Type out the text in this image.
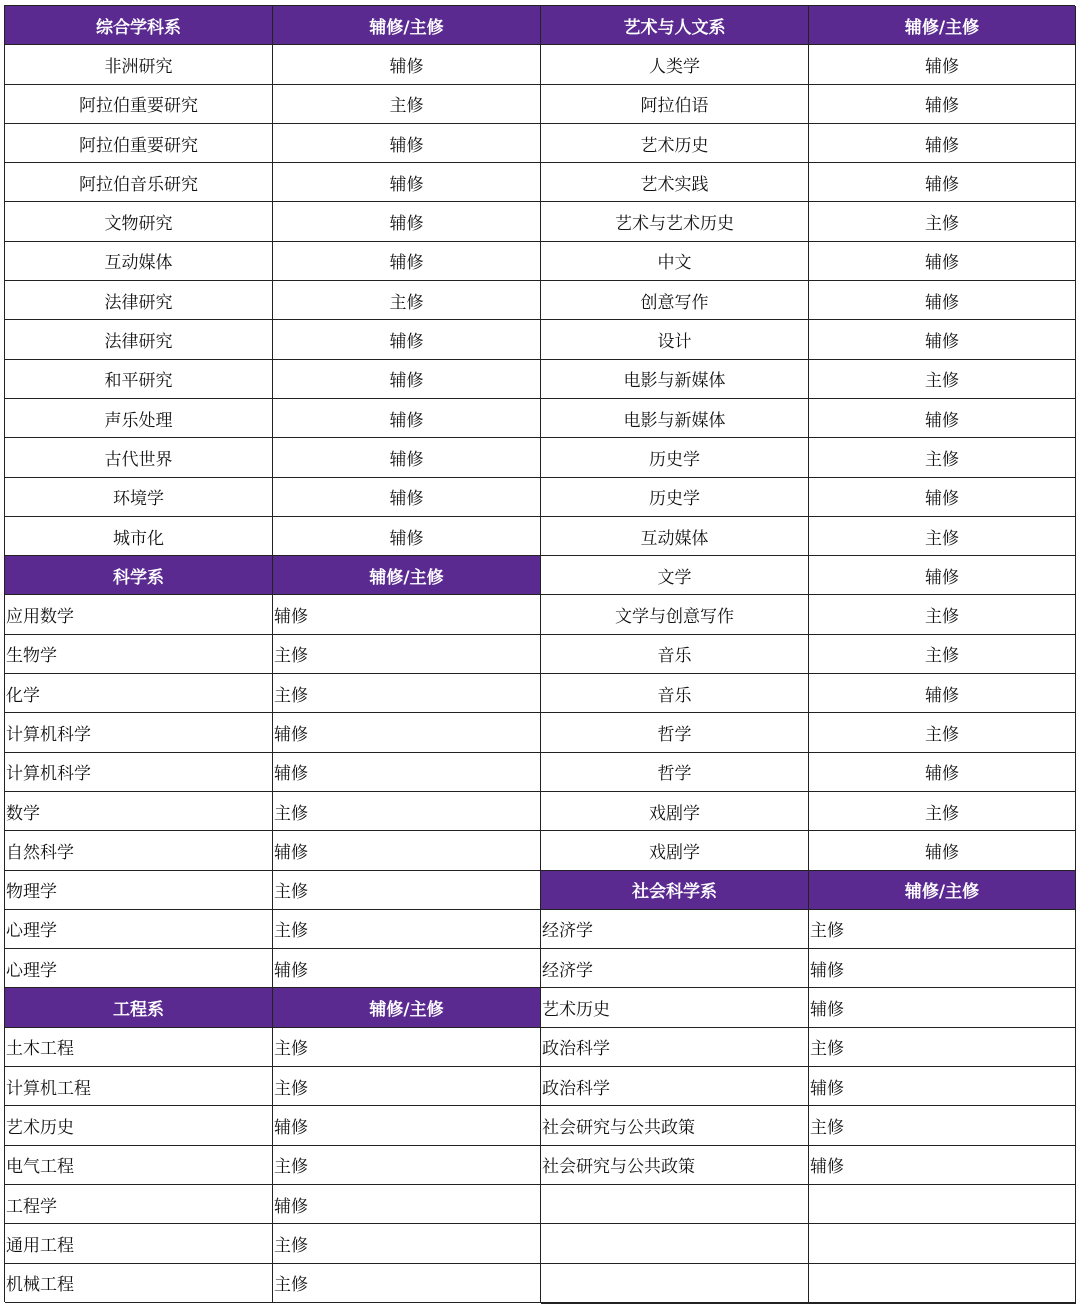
综合学科系	辅修/主修
非洲研究	辅修
阿拉伯重要研究	主修
阿拉伯重要研究	辅修
阿拉伯音乐研究	辅修
文物研究	辅修
互动媒体	辅修
法律研究	主修
法律研究	辅修
和平研究	辅修
声乐处理	辅修
古代世界	辅修
环境学	辅修
城市化	辅修
科学系	辅修/主修
应用数学	辅修
生物学	主修
化学	主修
计算机科学	辅修
计算机科学	辅修
数学	主修
自然科学	辅修
物理学	主修
心理学	主修
心理学	辅修
工程系	辅修/主修
土木工程	主修
计算机工程	主修
艺术历史	辅修
电气工程	主修
工程学	辅修
通用工程	主修
机械工程	主修
艺术与人文系	辅修/主修
人类学	辅修
阿拉伯语	辅修
艺术历史	辅修
艺术实践	辅修
艺术与艺术历史	主修
中文	辅修
创意写作	辅修
设计	辅修
电影与新媒体	主修
电影与新媒体	辅修
历史学	主修
历史学	辅修
互动媒体	主修
文学	辅修
文学与创意写作	主修
音乐	主修
音乐	辅修
哲学	主修
哲学	辅修
戏剧学	主修
戏剧学	辅修
社会科学系	辅修/主修
经济学	主修
经济学	辅修
艺术历史	辅修
政治科学	主修
政治科学	辅修
社会研究与公共政策	主修
社会研究与公共政策	辅修
